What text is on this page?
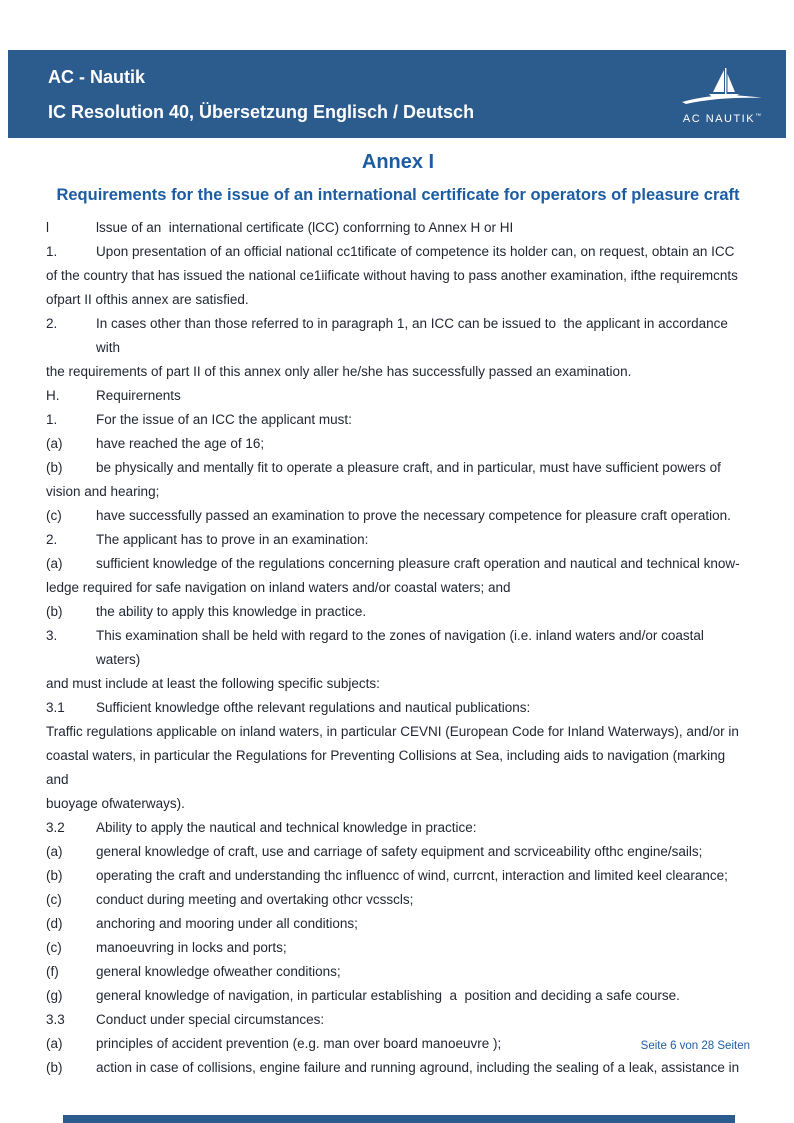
AC - Nautik
IC Resolution 40, Übersetzung Englisch / Deutsch	AC NAUTIK™
Annex I
Requirements for the issue of an international certificate for operators of pleasure craft
l	lssue of an  international certificate (lCC) conforrning to Annex H or HI
1.	Upon presentation of an official national cc1tificate of competence its holder can, on request, obtain an ICC
of the country that has issued the national ce1iificate without having to pass another examination, ifthe requiremcnts
ofpart II ofthis annex are satisfied.
2.	In cases other than those referred to in paragraph 1, an ICC can be issued to  the applicant in accordance with
the requirements of part II of this annex only aller he/she has successfully passed an examination.
H.	Requirernents
1.	For the issue of an ICC the applicant must:
(a)	have reached the age of 16;
(b)	be physically and mentally fit to operate a pleasure craft, and in particular, must have sufficient powers of
vision and hearing;
(c)	have successfully passed an examination to prove the necessary competence for pleasure craft operation.
2.	The applicant has to prove in an examination:
(a)	sufficient knowledge of the regulations concerning pleasure craft operation and nautical and technical know-
ledge required for safe navigation on inland waters and/or coastal waters; and
(b)	the ability to apply this knowledge in practice.
3.	This examination shall be held with regard to the zones of navigation (i.e. inland waters and/or coastal waters)
and must include at least the following specific subjects:
3.1	Sufficient knowledge ofthe relevant regulations and nautical publications:
Traffic regulations applicable on inland waters, in particular CEVNI (European Code for Inland Waterways), and/or in
coastal waters, in particular the Regulations for Preventing Collisions at Sea, including aids to navigation (marking and
buoyage ofwaterways).
3.2	Ability to apply the nautical and technical knowledge in practice:
(a)	general knowledge of craft, use and carriage of safety equipment and scrviceability ofthc engine/sails;
(b)	operating the craft and understanding thc influencc of wind, currcnt, interaction and limited keel clearance;
(c)	conduct during meeting and overtaking othcr vcsscls;
(d)	anchoring and mooring under all conditions;
(c)	manoeuvring in locks and ports;
(f)	general knowledge ofweather conditions;
(g)	general knowledge of navigation, in particular establishing  a  position and deciding a safe course.
3.3	Conduct under special circumstances:
(a)	principles of accident prevention (e.g. man over board manoeuvre );
(b)	action in case of collisions, engine failure and running aground, including the sealing of a leak, assistance in
Seite 6 von 28 Seiten
